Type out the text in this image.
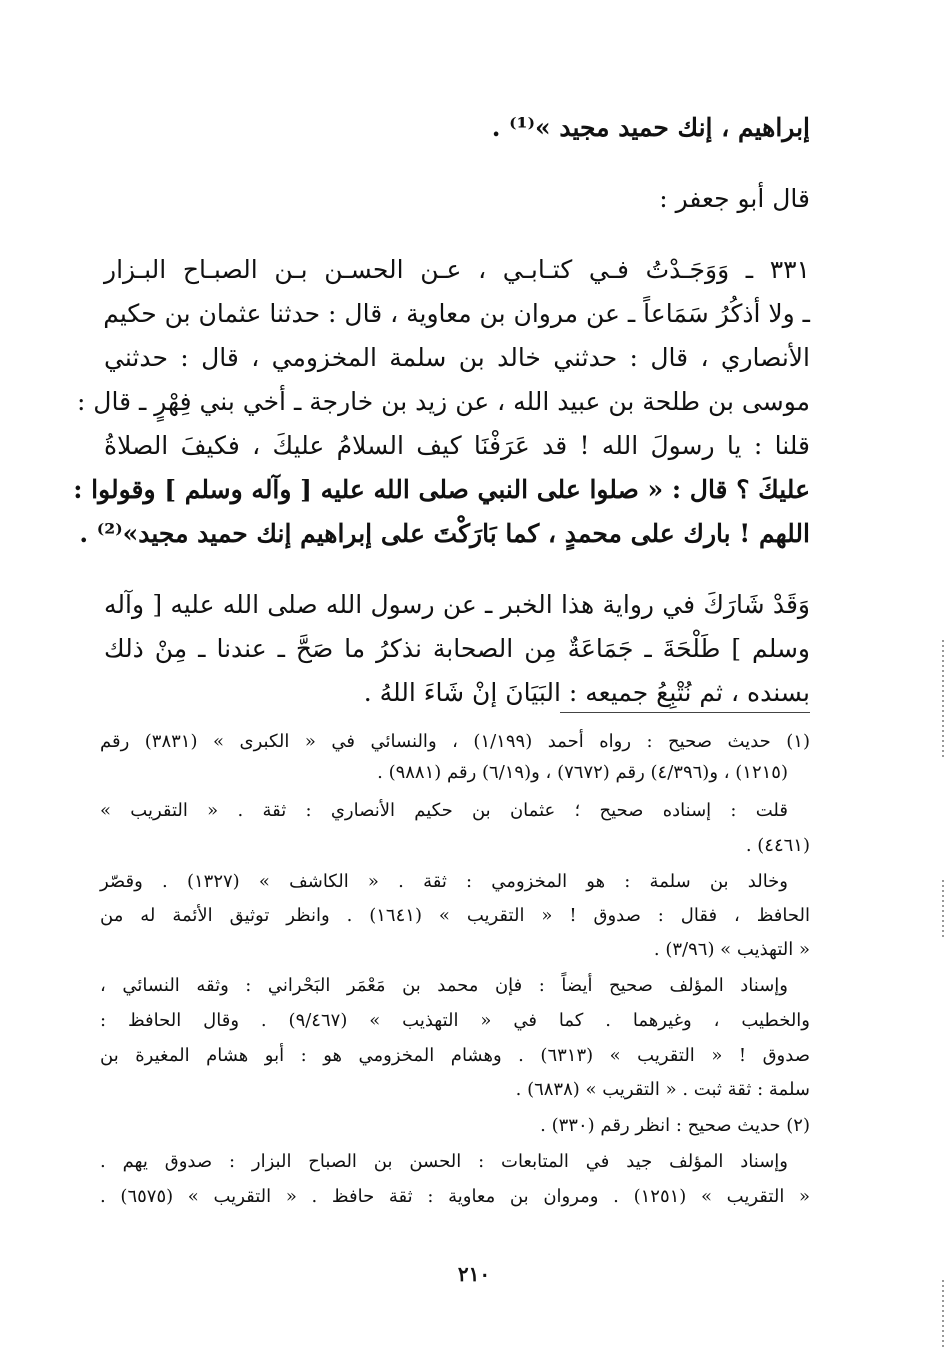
إبراهيم ، إنك حميد مجيد »⁽¹⁾ .
قال أبو جعفر :
٣٣١ ـ وَوَجَـدْتُ فـي كتـابـي ، عـن الحسـن بـن الصبـاح البـزار
ـ ولا أذكُرُ سَمَاعاً ـ عن مروان بن معاوية ، قال : حدثنا عثمان بن حكيم
الأنصاري ، قال : حدثني خالد بن سلمة المخزومي ، قال : حدثني
موسى بن طلحة بن عبيد الله ، عن زيد بن خارجة ـ أخي بني فِهْرٍ ـ قال :
قلنا : يا رسولَ الله ! قد عَرَفْنَا كيف السلامُ عليكَ ، فكيفَ الصلاةُ
عليكَ ؟ قال : « صلوا على النبي صلى الله عليه [ وآله وسلم ] وقولوا :
اللهم ! بارك على محمدٍ ، كما بَارَكْتَ على إبراهيم إنك حميد مجيد»⁽²⁾ .
وَقَدْ شَارَكَ في رواية هذا الخبر ـ عن رسول الله صلى الله عليه [ وآله
وسلم ] طَلْحَةَ ـ جَمَاعَةٌ مِن الصحابة نذكرُ ما صَحَّ ـ عندنا ـ مِنْ ذلك
بسنده ، ثم نُتْبِعُ جميعه : البَيَانَ إنْ شَاءَ اللهُ .
(١) حديث صحيح : رواه أحمد (١/١٩٩) ، والنسائي في « الكبرى » (٣٨٣١) رقم
(١٢١٥) ، و(٤/٣٩٦) رقم (٧٦٧٢) ، و(٦/١٩) رقم (٩٨٨١) .
قلت : إسناده صحيح ؛ عثمان بن حكيم الأنصاري : ثقة . « التقريب »
(٤٤٦١) .
وخالد بن سلمة : هو المخزومي : ثقة . « الكاشف » (١٣٢٧) . وقصّر
الحافظ ، فقال : صدوق ! « التقريب » (١٦٤١) . وانظر توثيق الأئمة له من
« التهذيب » (٣/٩٦) .
وإسناد المؤلف صحيح أيضاً : فإن محمد بن مَعْمَر البَحْراني : وثقه النسائي ،
والخطيب ، وغيرهما . كما في « التهذيب » (٩/٤٦٧) . وقال الحافظ :
صدوق ! « التقريب » (٦٣١٣) . وهشام المخزومي هو : أبو هشام المغيرة بن
سلمة : ثقة ثبت . « التقريب » (٦٨٣٨) .
(٢) حديث صحيح : انظر رقم (٣٣٠) .
وإسناد المؤلف جيد في المتابعات : الحسن بن الصباح البزار : صدوق يهم .
« التقريب » (١٢٥١) . ومروان بن معاوية : ثقة حافظ . « التقريب » (٦٥٧٥) .
٢١٠
